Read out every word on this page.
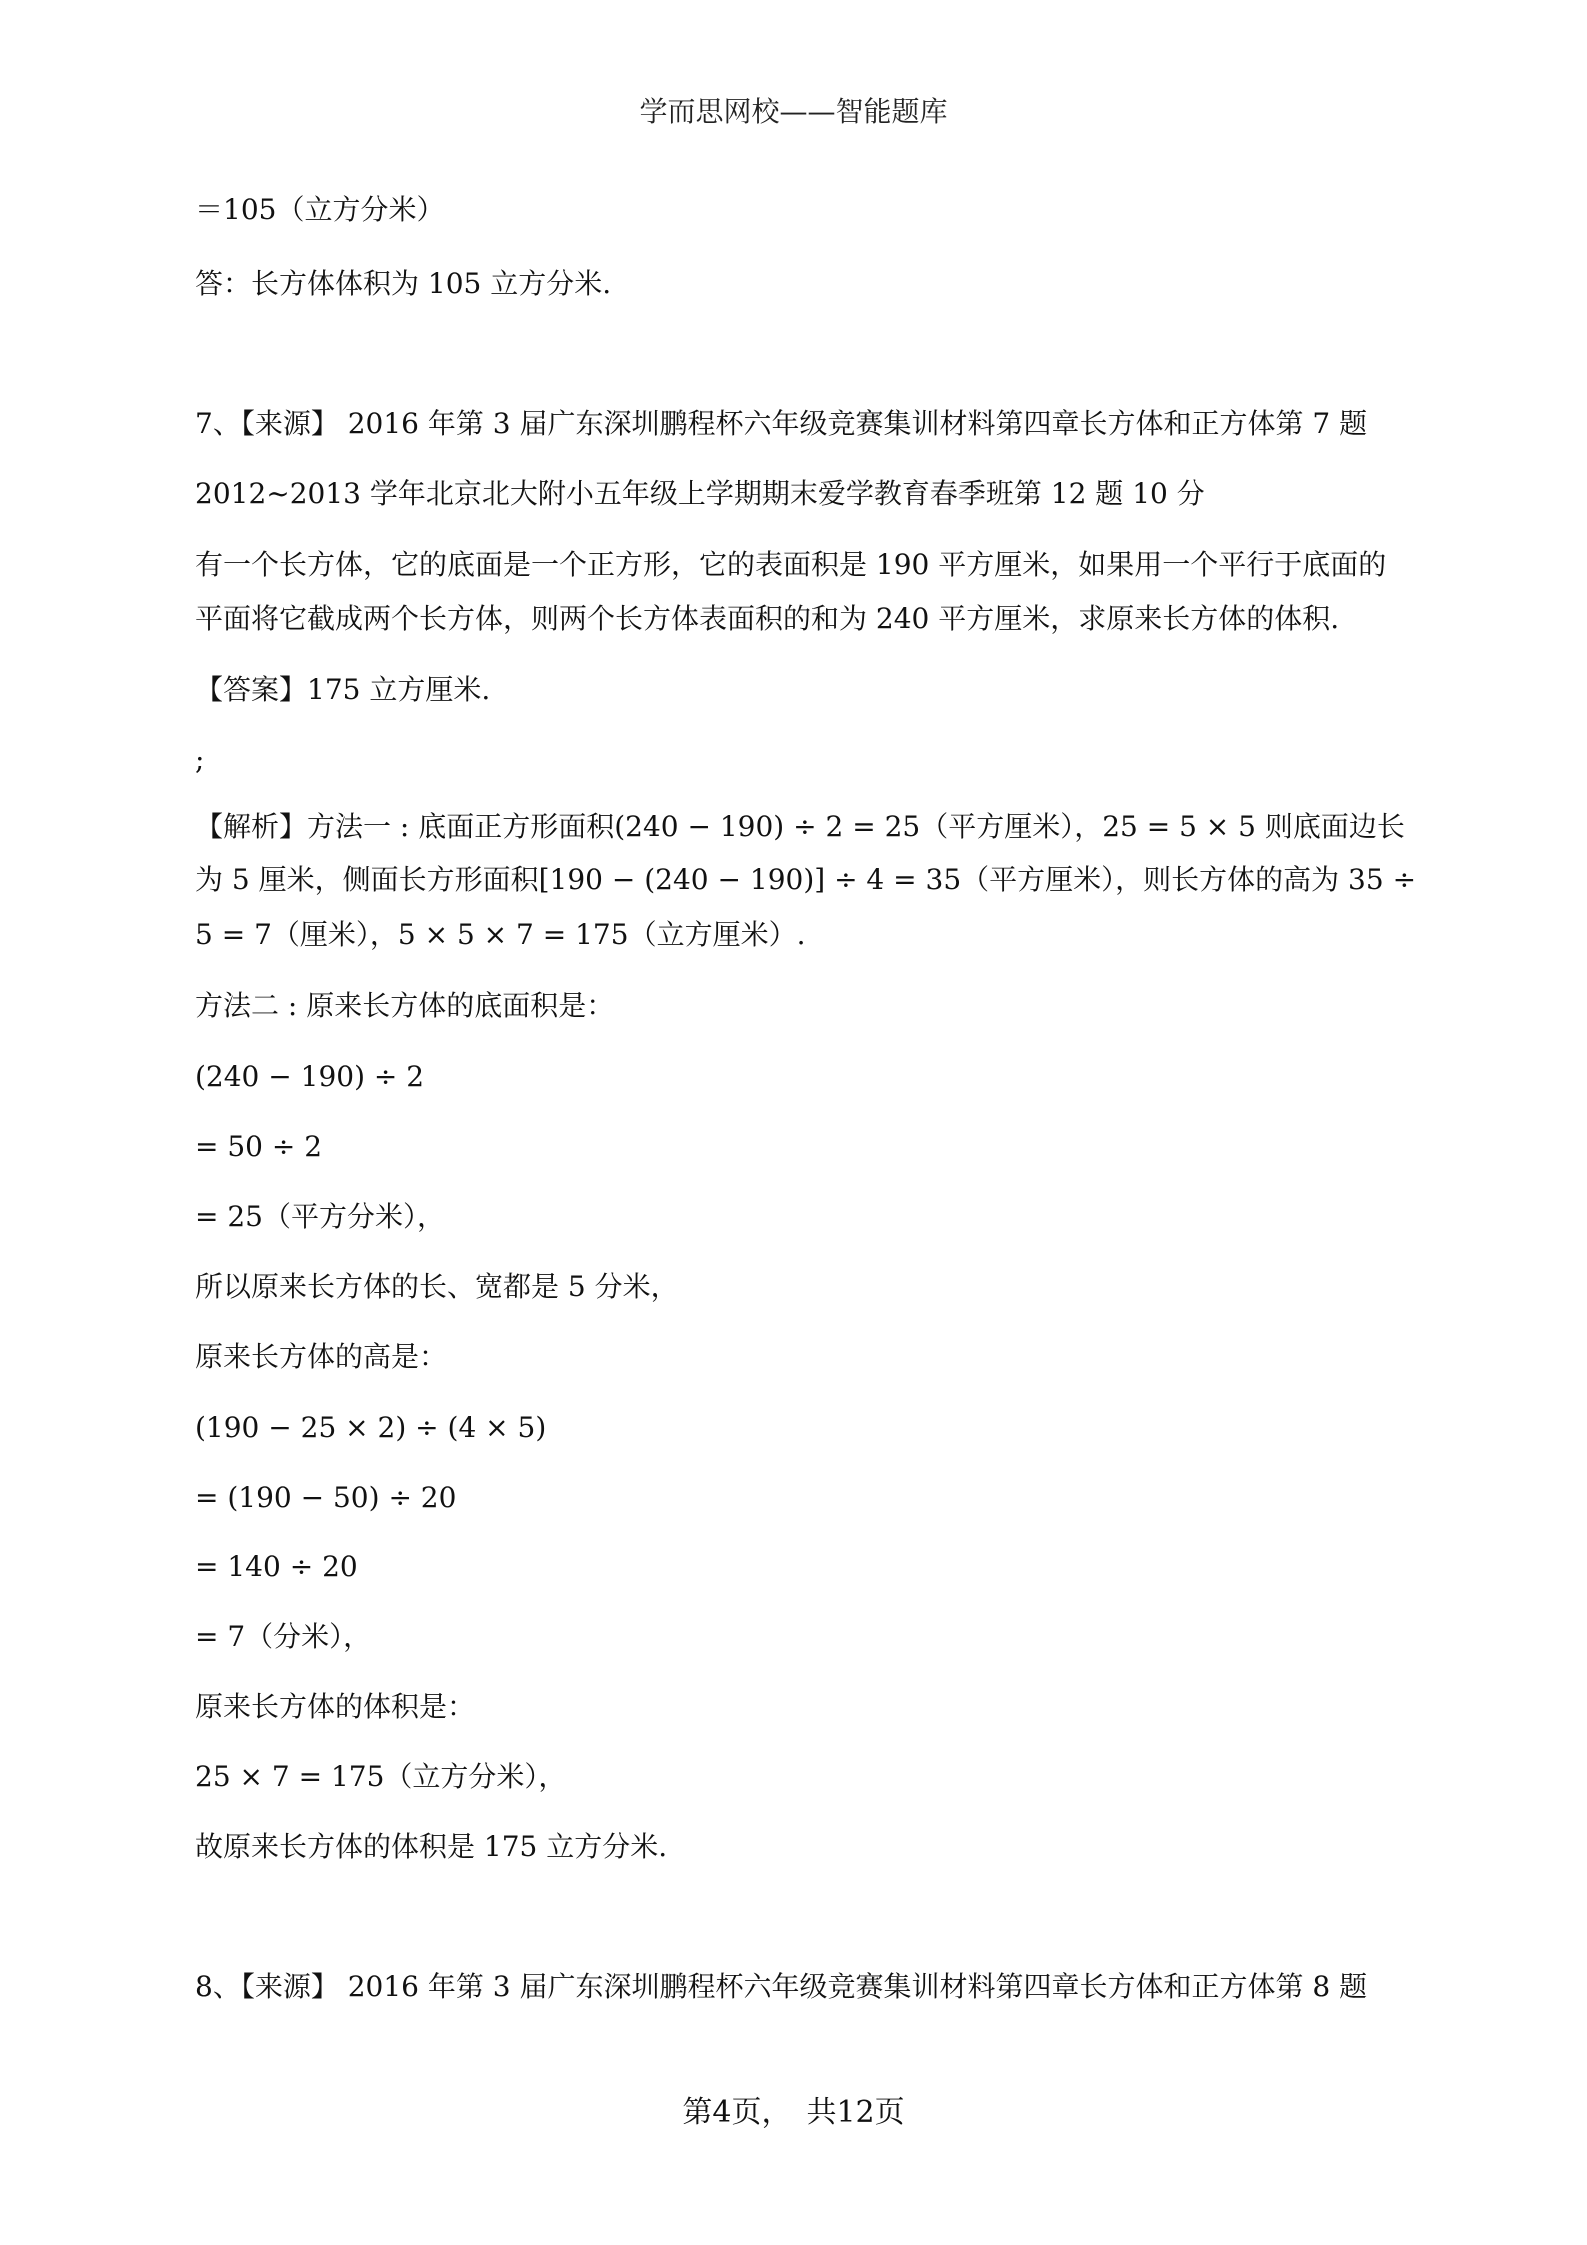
学而思网校——智能题库
＝105（立方分米）
答：长方体体积为 105 立方分米.
7、【来源】 2016 年第 3 届广东深圳鹏程杯六年级竞赛集训材料第四章长方体和正方体第 7 题
2012~2013 学年北京北大附小五年级上学期期末爱学教育春季班第 12 题 10 分
有一个长方体，它的底面是一个正方形，它的表面积是 190 平方厘米，如果用一个平行于底面的
平面将它截成两个长方体，则两个长方体表面积的和为 240 平方厘米，求原来长方体的体积.
【答案】175 立方厘米.
;
【解析】方法一 : 底面正方形面积(240 − 190) ÷ 2 = 25（平方厘米），25 = 5 × 5 则底面边长
为 5 厘米，侧面长方形面积[190 − (240 − 190)] ÷ 4 = 35（平方厘米），则长方体的高为 35 ÷
5 = 7（厘米），5 × 5 × 7 = 175（立方厘米）.
方法二 : 原来长方体的底面积是：
(240 − 190) ÷ 2
= 50 ÷ 2
= 25（平方分米），
所以原来长方体的长、宽都是 5 分米，
原来长方体的高是：
(190 − 25 × 2) ÷ (4 × 5)
= (190 − 50) ÷ 20
= 140 ÷ 20
= 7（分米），
原来长方体的体积是：
25 × 7 = 175（立方分米），
故原来长方体的体积是 175 立方分米.
8、【来源】 2016 年第 3 届广东深圳鹏程杯六年级竞赛集训材料第四章长方体和正方体第 8 题
第4页，　共12页
